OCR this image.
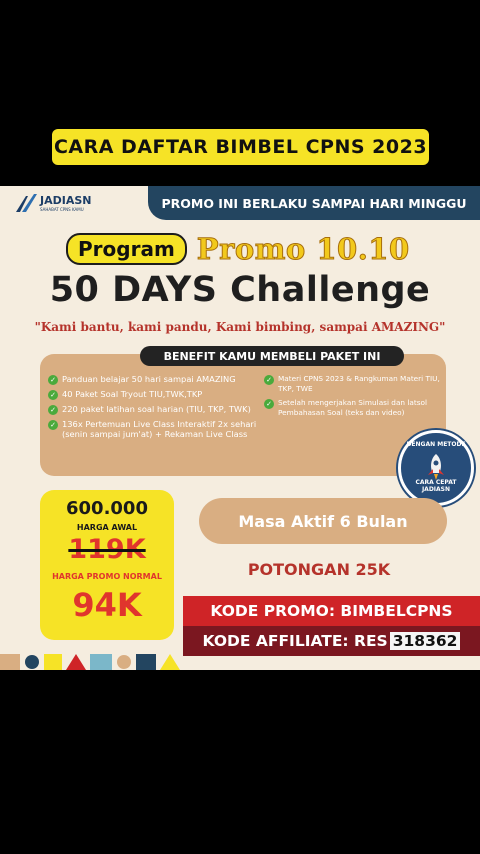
CARA DAFTAR BIMBEL CPNS 2023
PROMO INI BERLAKU SAMPAI HARI MINGGU
JADIASN
SAHABAT CPNS KAMU
Program Promo 10.10
50 DAYS Challenge
"Kami bantu, kami pandu, Kami bimbing, sampai AMAZING"
BENEFIT KAMU MEMBELI PAKET INI
✓ Panduan belajar 50 hari sampai AMAZING
✓ 40 Paket Soal Tryout TIU,TWK,TKP
✓ 220 paket latihan soal harian (TIU, TKP, TWK)
✓ 136x Pertemuan Live Class Interaktif 2x sehari (senin sampai jum'at) + Rekaman Live Class
✓ Materi CPNS 2023 & Rangkuman Materi TIU, TKP, TWE
✓ Setelah mengerjakan Simulasi dan latsol Pembahasan Soal (teks dan video)
DENGAN METODE
CARA CEPAT JADIASN
600.000
HARGA AWAL
119K
HARGA PROMO NORMAL
94K
Masa Aktif 6 Bulan
POTONGAN 25K
KODE PROMO: BIMBELCPNS
KODE AFFILIATE: RES 318362
